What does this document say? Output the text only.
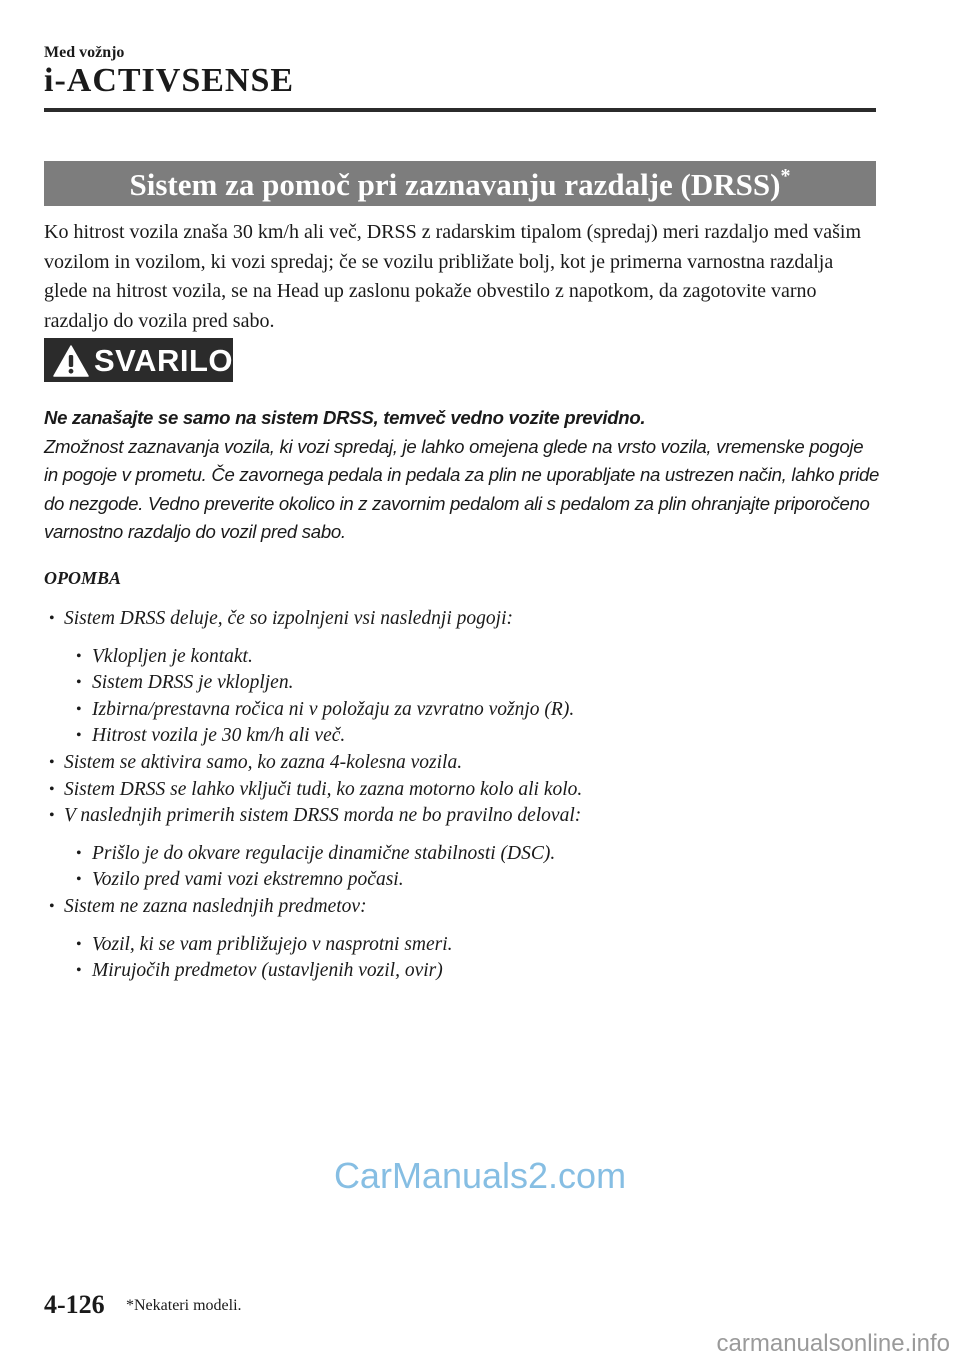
Med vožnjo
i-ACTIVSENSE
Sistem za pomoč pri zaznavanju razdalje (DRSS)*
Ko hitrost vozila znaša 30 km/h ali več, DRSS z radarskim tipalom (spredaj) meri razdaljo med vašim vozilom in vozilom, ki vozi spredaj; če se vozilu približate bolj, kot je primerna varnostna razdalja glede na hitrost vozila, se na Head up zaslonu pokaže obvestilo z napotkom, da zagotovite varno razdaljo do vozila pred sabo.
SVARILO
Ne zanašajte se samo na sistem DRSS, temveč vedno vozite previdno.
Zmožnost zaznavanja vozila, ki vozi spredaj, je lahko omejena glede na vrsto vozila, vremenske pogoje in pogoje v prometu. Če zavornega pedala in pedala za plin ne uporabljate na ustrezen način, lahko pride do nezgode. Vedno preverite okolico in z zavornim pedalom ali s pedalom za plin ohranjajte priporočeno varnostno razdaljo do vozil pred sabo.
OPOMBA
• Sistem DRSS deluje, če so izpolnjeni vsi naslednji pogoji:
• Vklopljen je kontakt.
• Sistem DRSS je vklopljen.
• Izbirna/prestavna ročica ni v položaju za vzvratno vožnjo (R).
• Hitrost vozila je 30 km/h ali več.
• Sistem se aktivira samo, ko zazna 4-kolesna vozila.
• Sistem DRSS se lahko vključi tudi, ko zazna motorno kolo ali kolo.
• V naslednjih primerih sistem DRSS morda ne bo pravilno deloval:
• Prišlo je do okvare regulacije dinamične stabilnosti (DSC).
• Vozilo pred vami vozi ekstremno počasi.
• Sistem ne zazna naslednjih predmetov:
• Vozil, ki se vam približujejo v nasprotni smeri.
• Mirujočih predmetov (ustavljenih vozil, ovir)
CarManuals2.com
4-126 *Nekateri modeli.
carmanualsonline.info
